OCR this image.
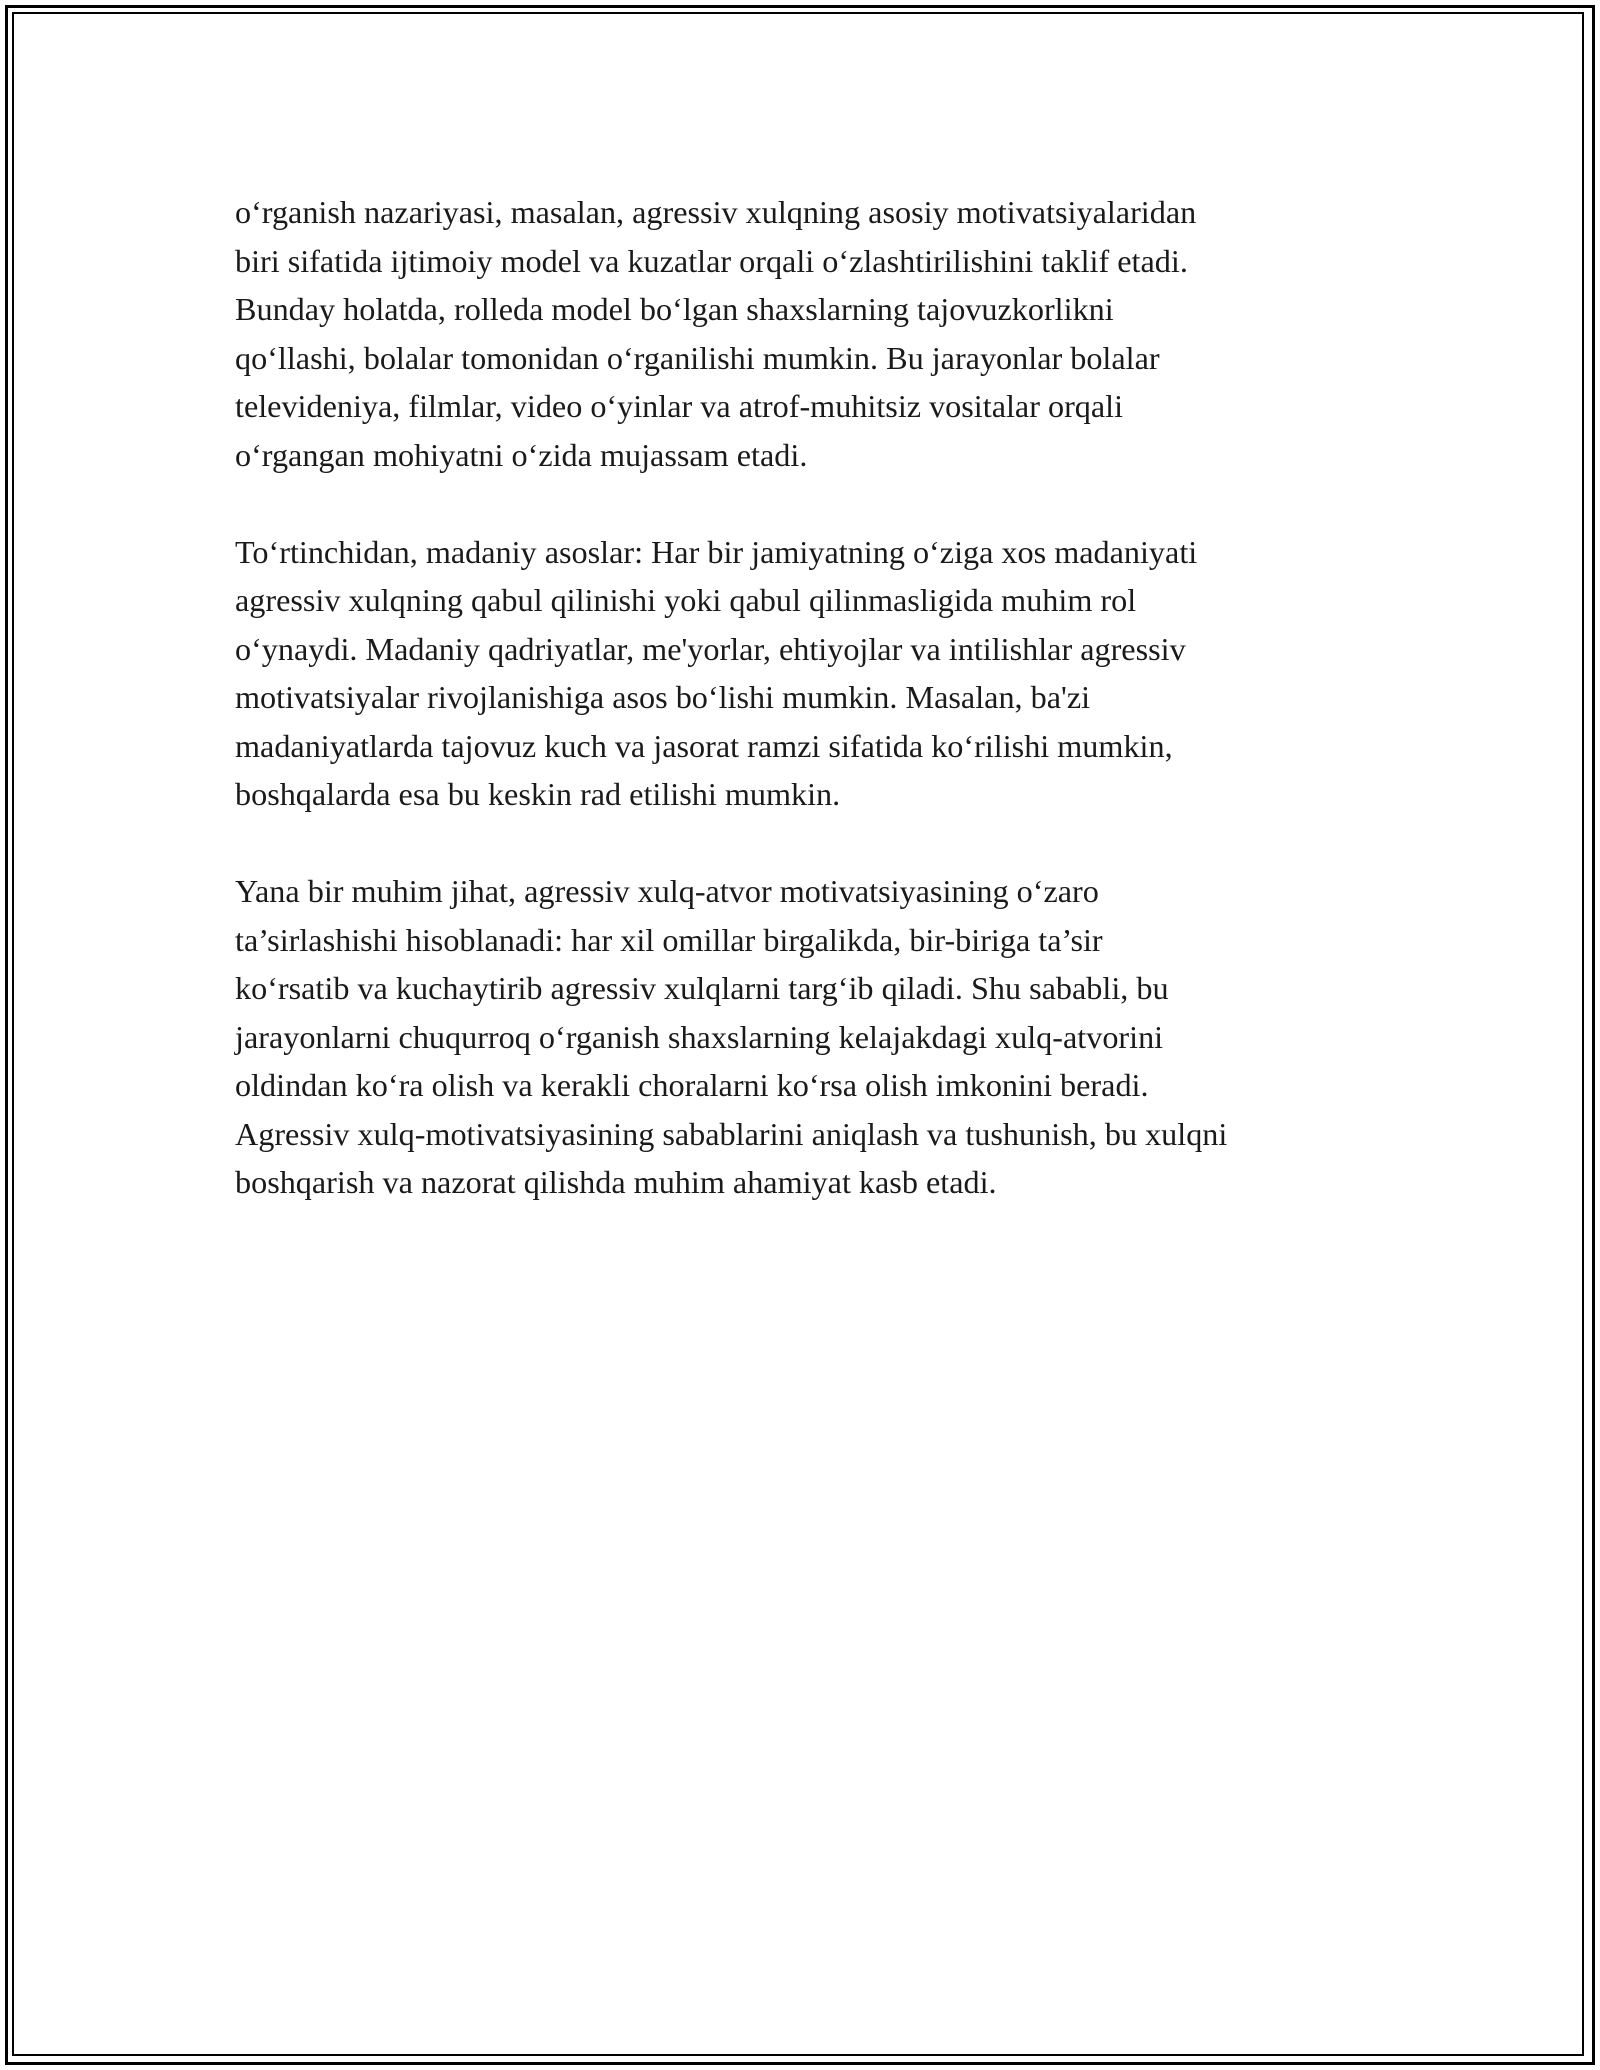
o‘rganish nazariyasi, masalan, agressiv xulqning asosiy motivatsiyalaridan
biri sifatida ijtimoiy model va kuzatlar orqali o‘zlashtirilishini taklif etadi.
Bunday holatda, rolleda model bo‘lgan shaxslarning tajovuzkorlikni
qo‘llashi, bolalar tomonidan o‘rganilishi mumkin. Bu jarayonlar bolalar
televideniya, filmlar, video o‘yinlar va atrof-muhitsiz vositalar orqali
o‘rgangan mohiyatni o‘zida mujassam etadi.

To‘rtinchidan, madaniy asoslar: Har bir jamiyatning o‘ziga xos madaniyati
agressiv xulqning qabul qilinishi yoki qabul qilinmasligida muhim rol
o‘ynaydi. Madaniy qadriyatlar, me'yorlar, ehtiyojlar va intilishlar agressiv
motivatsiyalar rivojlanishiga asos bo‘lishi mumkin. Masalan, ba'zi
madaniyatlarda tajovuz kuch va jasorat ramzi sifatida ko‘rilishi mumkin,
boshqalarda esa bu keskin rad etilishi mumkin.

Yana bir muhim jihat, agressiv xulq-atvor motivatsiyasining o‘zaro
ta’sirlashishi hisoblanadi: har xil omillar birgalikda, bir-biriga ta’sir
ko‘rsatib va kuchaytirib agressiv xulqlarni targ‘ib qiladi. Shu sababli, bu
jarayonlarni chuqurroq o‘rganish shaxslarning kelajakdagi xulq-atvorini
oldindan ko‘ra olish va kerakli choralarni ko‘rsa olish imkonini beradi.
Agressiv xulq-motivatsiyasining sabablarini aniqlash va tushunish, bu xulqni
boshqarish va nazorat qilishda muhim ahamiyat kasb etadi.
